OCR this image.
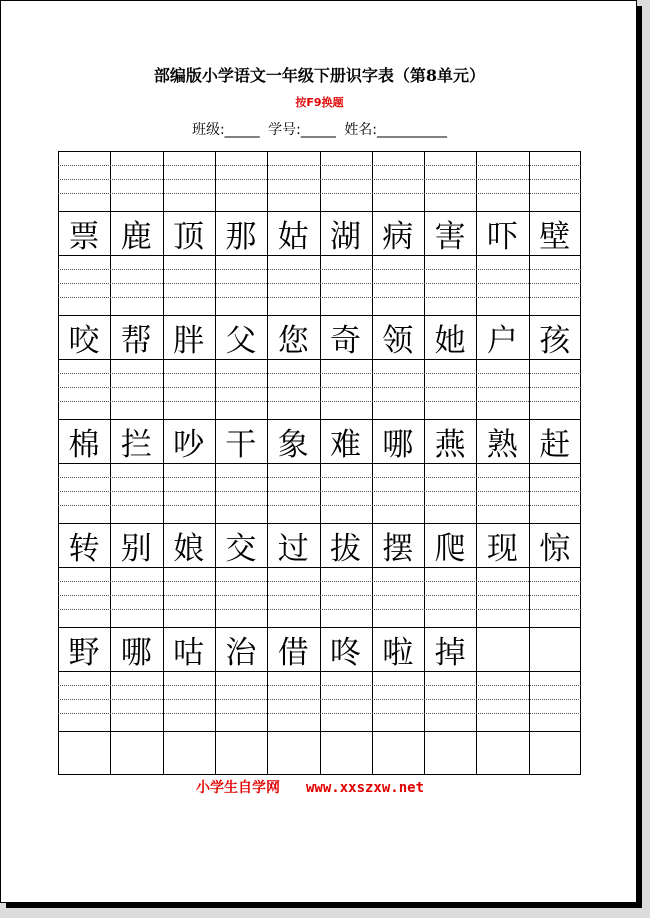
部编版小学语文一年级下册识字表（第8单元）
按F9换题
班级:_____ 学号:_____ 姓名:__________
票 鹿 顶 那 姑 湖 病 害 吓 壁
咬 帮 胖 父 您 奇 领 她 户 孩
棉 拦 吵 干 象 难 哪 燕 熟 赶
转 别 娘 交 过 拔 摆 爬 现 惊
野 哪 咕 治 借 咚 啦 掉
小学生自学网 www.xxszxw.net
